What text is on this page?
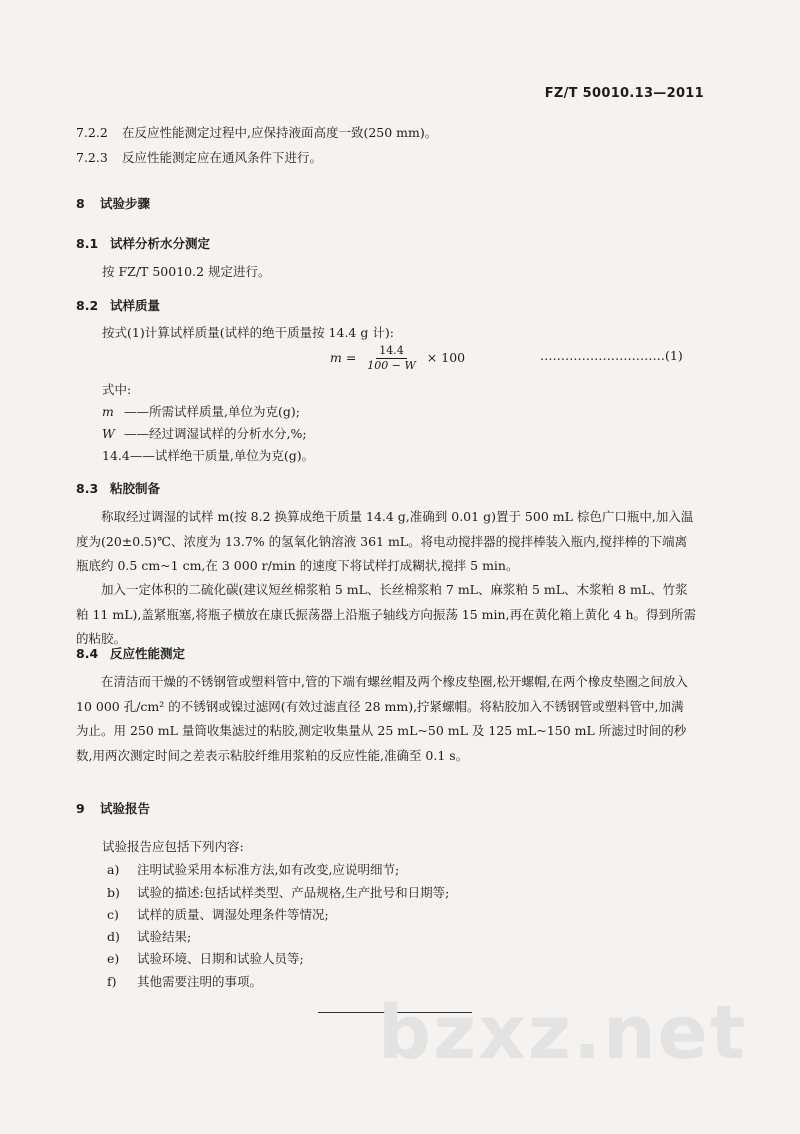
FZ/T 50010.13—2011
7.2.2 在反应性能测定过程中,应保持液面高度一致(250 mm)。
7.2.3 反应性能测定应在通风条件下进行。
8 试验步骤
8.1 试样分析水分测定
按 FZ/T 50010.2 规定进行。
8.2 试样质量
按式(1)计算试样质量(试样的绝干质量按 14.4 g 计):
$m = \frac{14.4}{100 - W} \times 100$	…………………………(1)
式中:
m ——所需试样质量,单位为克(g);
W ——经过调湿试样的分析水分,%;
14.4——试样绝干质量,单位为克(g)。
8.3 粘胶制备
称取经过调湿的试样 m(按 8.2 换算成绝干质量 14.4 g,准确到 0.01 g)置于 500 mL 棕色广口瓶中,加入温度为(20±0.5)℃、浓度为 13.7% 的氢氧化钠溶液 361 mL。将电动搅拌器的搅拌棒装入瓶内,搅拌棒的下端离瓶底约 0.5 cm~1 cm,在 3 000 r/min 的速度下将试样打成糊状,搅拌 5 min。
加入一定体积的二硫化碳(建议短丝棉浆粕 5 mL、长丝棉浆粕 7 mL、麻浆粕 5 mL、木浆粕 8 mL、竹浆粕 11 mL),盖紧瓶塞,将瓶子横放在康氏振荡器上沿瓶子轴线方向振荡 15 min,再在黄化箱上黄化 4 h。得到所需的粘胶。
8.4 反应性能测定
在清洁而干燥的不锈钢管或塑料管中,管的下端有螺丝帽及两个橡皮垫圈,松开螺帽,在两个橡皮垫圈之间放入 10 000 孔/cm² 的不锈钢或镍过滤网(有效过滤直径 28 mm),拧紧螺帽。将粘胶加入不锈钢管或塑料管中,加满为止。用 250 mL 量筒收集滤过的粘胶,测定收集量从 25 mL~50 mL 及 125 mL~150 mL 所滤过时间的秒数,用两次测定时间之差表示粘胶纤维用浆粕的反应性能,准确至 0.1 s。
9 试验报告
试验报告应包括下列内容:
a) 注明试验采用本标准方法,如有改变,应说明细节;
b) 试验的描述:包括试样类型、产品规格,生产批号和日期等;
c) 试样的质量、调湿处理条件等情况;
d) 试验结果;
e) 试验环境、日期和试验人员等;
f) 其他需要注明的事项。
bzxz.net
